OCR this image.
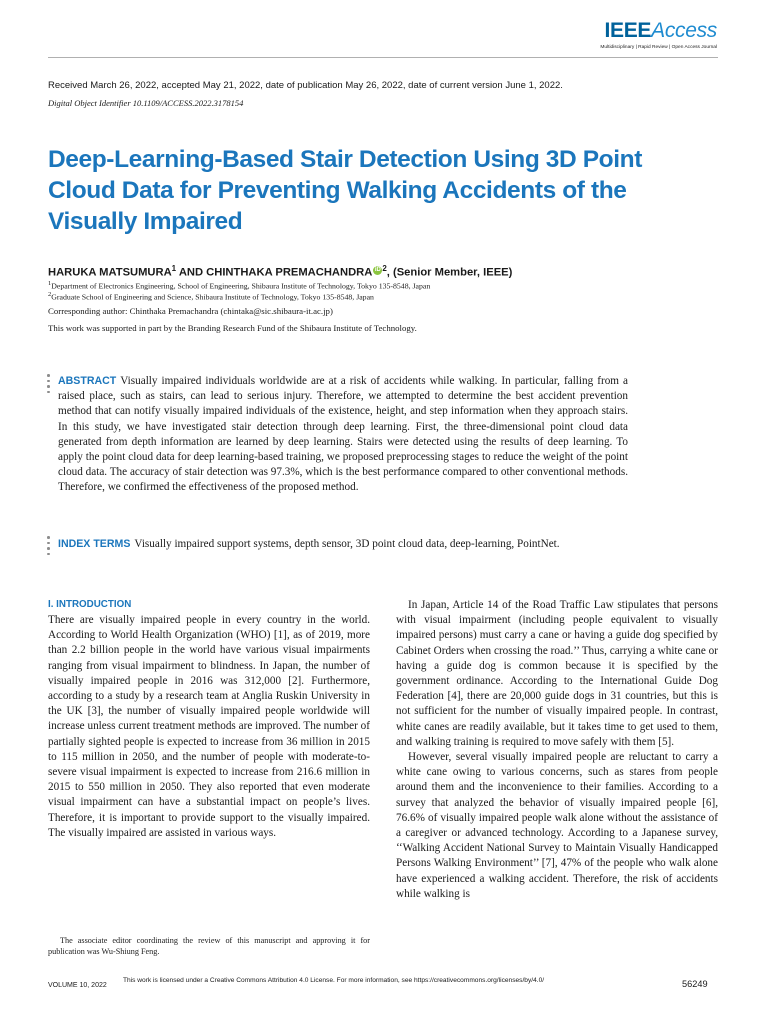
IEEEAccess
Multidisciplinary | Rapid Review | Open Access Journal
Received March 26, 2022, accepted May 21, 2022, date of publication May 26, 2022, date of current version June 1, 2022.
Digital Object Identifier 10.1109/ACCESS.2022.3178154
Deep-Learning-Based Stair Detection Using 3D Point Cloud Data for Preventing Walking Accidents of the Visually Impaired
HARUKA MATSUMURA$^1$ AND CHINTHAKA PREMACHANDRA iD $^2$, (Senior Member, IEEE)
$^1$Department of Electronics Engineering, School of Engineering, Shibaura Institute of Technology, Tokyo 135-8548, Japan
$^2$Graduate School of Engineering and Science, Shibaura Institute of Technology, Tokyo 135-8548, Japan
Corresponding author: Chinthaka Premachandra (chintaka@sic.shibaura-it.ac.jp)
This work was supported in part by the Branding Research Fund of the Shibaura Institute of Technology.
ABSTRACT Visually impaired individuals worldwide are at a risk of accidents while walking. In particular, falling from a raised place, such as stairs, can lead to serious injury. Therefore, we attempted to determine the best accident prevention method that can notify visually impaired individuals of the existence, height, and step information when they approach stairs. In this study, we have investigated stair detection through deep learning. First, the three-dimensional point cloud data generated from depth information are learned by deep learning. Stairs were detected using the results of deep learning. To apply the point cloud data for deep learning-based training, we proposed preprocessing stages to reduce the weight of the point cloud data. The accuracy of stair detection was 97.3%, which is the best performance compared to other conventional methods. Therefore, we confirmed the effectiveness of the proposed method.
INDEX TERMS Visually impaired support systems, depth sensor, 3D point cloud data, deep-learning, PointNet.
I. INTRODUCTION

There are visually impaired people in every country in the world. According to World Health Organization (WHO) [1], as of 2019, more than 2.2 billion people in the world have various visual impairments ranging from visual impairment to blindness. In Japan, the number of visually impaired people in 2016 was 312,000 [2]. Furthermore, according to a study by a research team at Anglia Ruskin University in the UK [3], the number of visually impaired people worldwide will increase unless current treatment methods are improved. The number of partially sighted people is expected to increase from 36 million in 2015 to 115 million in 2050, and the number of people with moderate-to-severe visual impairment is expected to increase from 216.6 million in 2015 to 550 million in 2050. They also reported that even moderate visual impairment can have a substantial impact on people’s lives. Therefore, it is important to provide support to the visually impaired. The visually impaired are assisted in various ways.

In Japan, Article 14 of the Road Traffic Law stipulates that persons with visual impairment (including people equivalent to visually impaired persons) must carry a cane or having a guide dog specified by Cabinet Orders when crossing the road.’’ Thus, carrying a white cane or having a guide dog is common because it is specified by the government ordinance. According to the International Guide Dog Federation [4], there are 20,000 guide dogs in 31 countries, but this is not sufficient for the number of visually impaired people. In contrast, white canes are readily available, but it takes time to get used to them, and walking training is required to move safely with them [5].

However, several visually impaired people are reluctant to carry a white cane owing to various concerns, such as stares from people around them and the inconvenience to their families. According to a survey that analyzed the behavior of visually impaired people [6], 76.6% of visually impaired people walk alone without the assistance of a caregiver or advanced technology. According to a Japanese survey, ‘‘Walking Accident National Survey to Maintain Visually Handicapped Persons Walking Environment’’ [7], 47% of the people who walk alone have experienced a walking accident. Therefore, the risk of accidents while walking is

The associate editor coordinating the review of this manuscript and approving it for publication was Wu-Shiung Feng.
VOLUME 10, 2022
This work is licensed under a Creative Commons Attribution 4.0 License. For more information, see https://creativecommons.org/licenses/by/4.0/	56249
